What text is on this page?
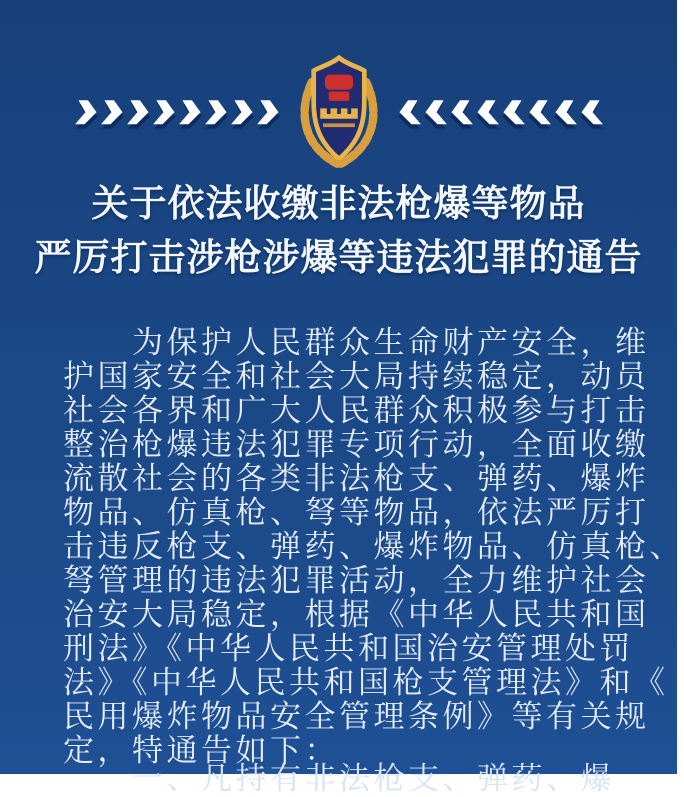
关于依法收缴非法枪爆等物品
严厉打击涉枪涉爆等违法犯罪的通告
　　为保护人民群众生命财产安全，维
护国家安全和社会大局持续稳定，动员
社会各界和广大人民群众积极参与打击
整治枪爆违法犯罪专项行动，全面收缴
流散社会的各类非法枪支、弹药、爆炸
物品、仿真枪、弩等物品，依法严厉打
击违反枪支、弹药、爆炸物品、仿真枪、
弩管理的违法犯罪活动，全力维护社会
治安大局稳定，根据《中华人民共和国
刑法》《中华人民共和国治安管理处罚
法》《中华人民共和国枪支管理法》和《
民用爆炸物品安全管理条例》等有关规
定，特通告如下：
　　一、凡持有非法枪支、弹药、爆
